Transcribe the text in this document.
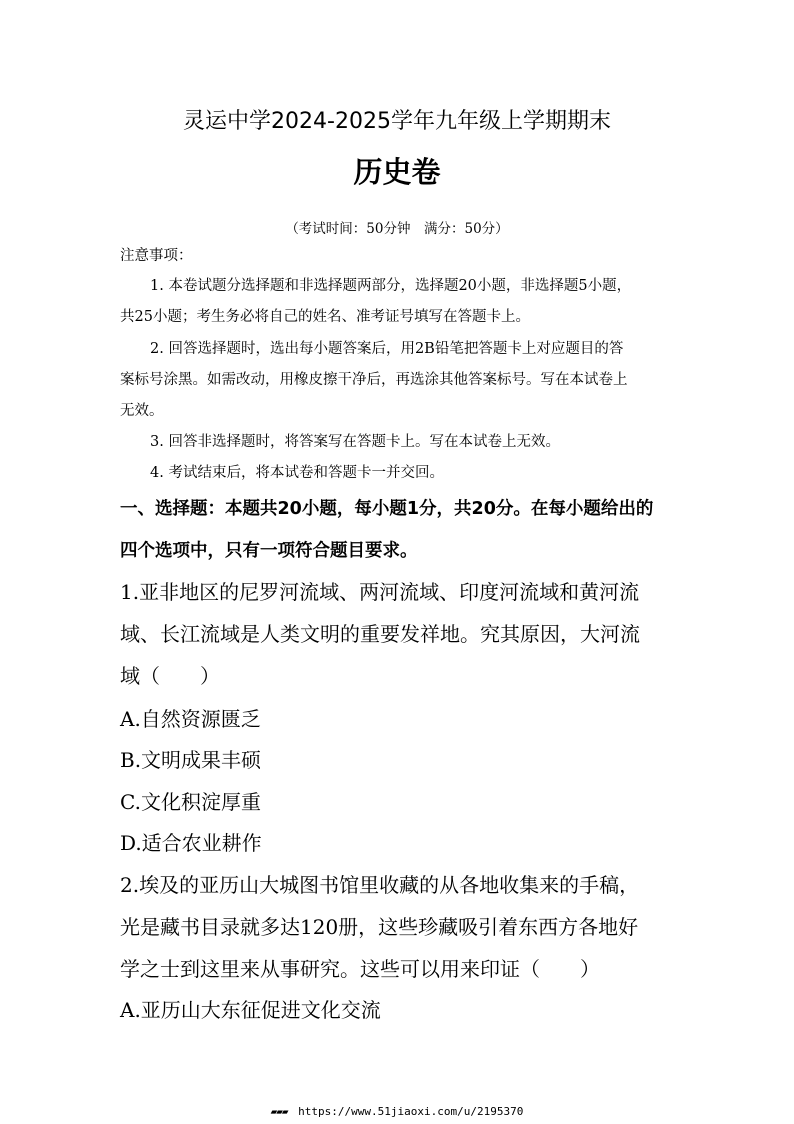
灵运中学2024-2025学年九年级上学期期末
历史卷
（考试时间：50分钟　满分：50分）
注意事项：
1. 本卷试题分选择题和非选择题两部分，选择题20小题，非选择题5小题，
共25小题；考生务必将自己的姓名、准考证号填写在答题卡上。
2. 回答选择题时，选出每小题答案后，用2B铅笔把答题卡上对应题目的答
案标号涂黑。如需改动，用橡皮擦干净后，再选涂其他答案标号。写在本试卷上
无效。
3. 回答非选择题时，将答案写在答题卡上。写在本试卷上无效。
4. 考试结束后，将本试卷和答题卡一并交回。
一、选择题：本题共20小题，每小题1分，共20分。在每小题给出的
四个选项中，只有一项符合题目要求。
1.亚非地区的尼罗河流域、两河流域、印度河流域和黄河流
域、长江流域是人类文明的重要发祥地。究其原因，大河流
域（　　）
A.自然资源匮乏
B.文明成果丰硕
C.文化积淀厚重
D.适合农业耕作
2.埃及的亚历山大城图书馆里收藏的从各地收集来的手稿，
光是藏书目录就多达120册，这些珍藏吸引着东西方各地好
学之士到这里来从事研究。这些可以用来印证（　　）
A.亚历山大东征促进文化交流
▰▰▰ https://www.51jiaoxi.com/u/2195370
